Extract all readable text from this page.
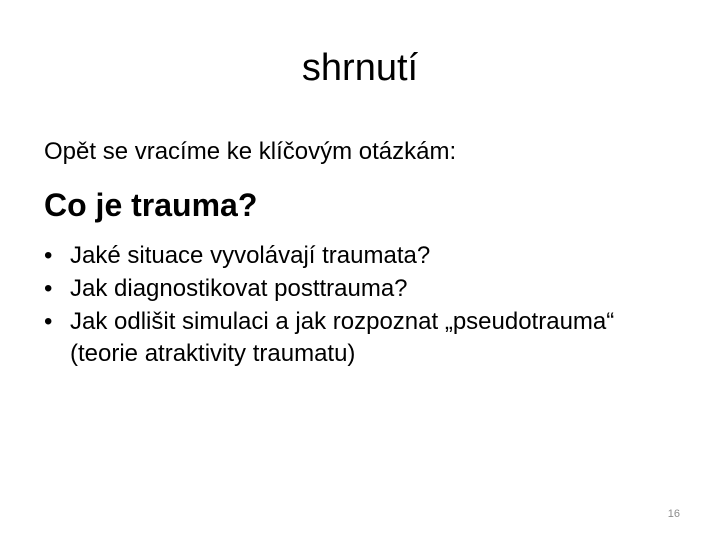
shrnutí
Opět se vracíme ke klíčovým otázkám:
Co je trauma?
• Jaké situace vyvolávají traumata?
• Jak diagnostikovat posttrauma?
• Jak odlišit simulaci a jak rozpoznat „pseudotrauma“ (teorie atraktivity traumatu)
16
